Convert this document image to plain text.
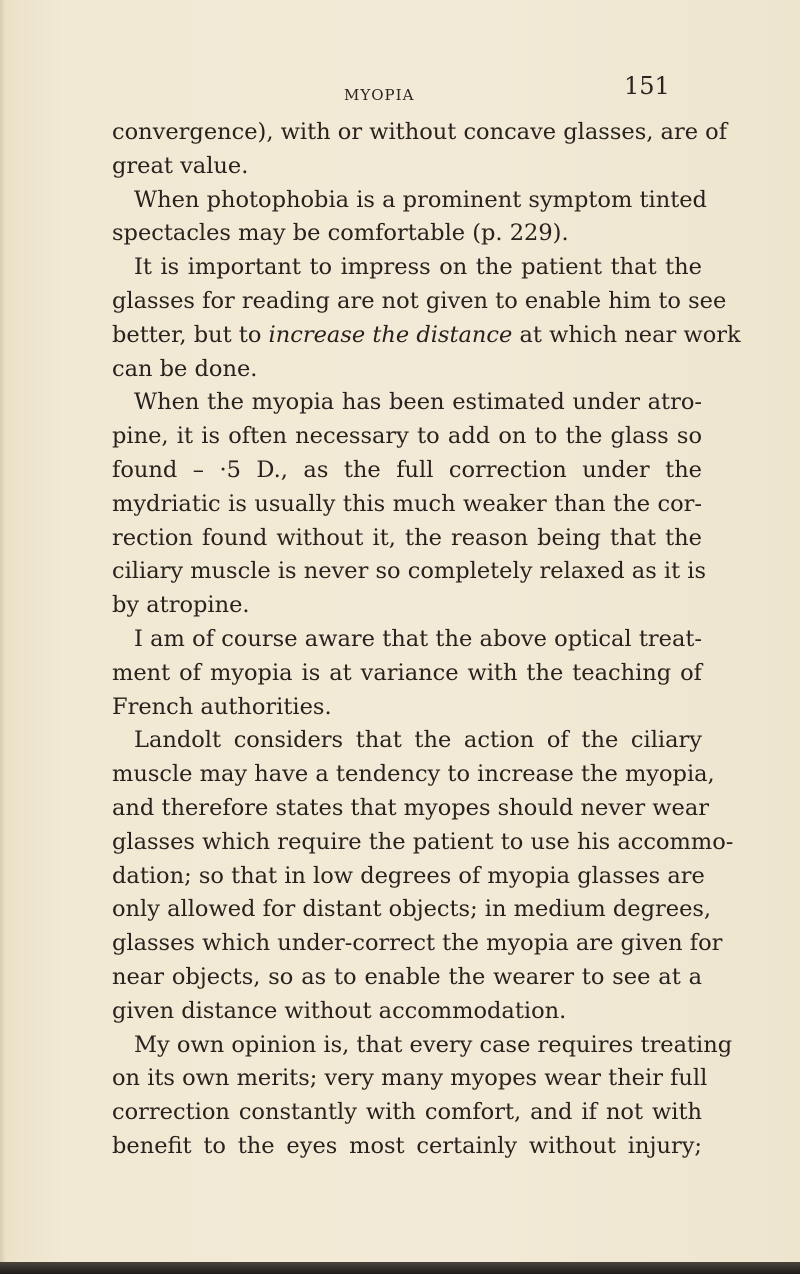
MYOPIA	151
convergence), with or without concave glasses, are of
great value.
When photophobia is a prominent symptom tinted
spectacles may be comfortable (p. 229).
It is important to impress on the patient that the
glasses for reading are not given to enable him to see
better, but to increase the distance at which near work
can be done.
When the myopia has been estimated under atro-
pine, it is often necessary to add on to the glass so
found – ·5 D., as the full correction under the
mydriatic is usually this much weaker than the cor-
rection found without it, the reason being that the
ciliary muscle is never so completely relaxed as it is
by atropine.
I am of course aware that the above optical treat-
ment of myopia is at variance with the teaching of
French authorities.
Landolt considers that the action of the ciliary
muscle may have a tendency to increase the myopia,
and therefore states that myopes should never wear
glasses which require the patient to use his accommo-
dation; so that in low degrees of myopia glasses are
only allowed for distant objects; in medium degrees,
glasses which under-correct the myopia are given for
near objects, so as to enable the wearer to see at a
given distance without accommodation.
My own opinion is, that every case requires treating
on its own merits; very many myopes wear their full
correction constantly with comfort, and if not with
benefit to the eyes most certainly without injury;
